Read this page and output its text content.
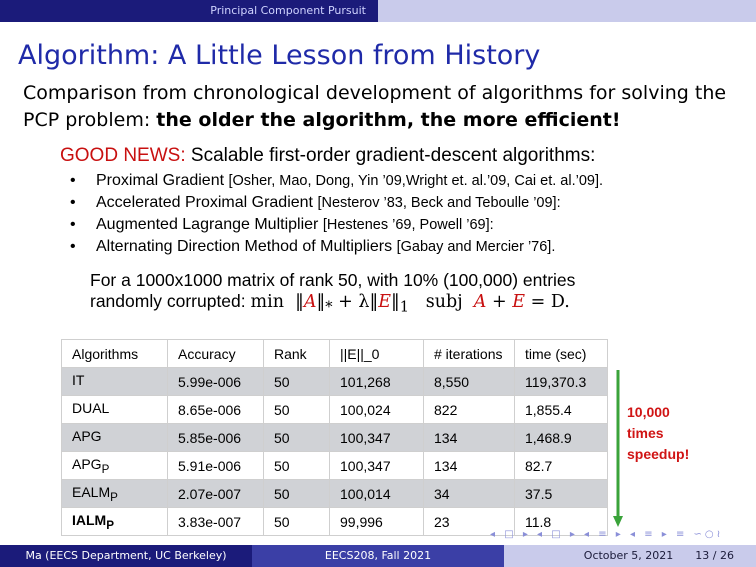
Principal Component Pursuit
Algorithm: A Little Lesson from History
Comparison from chronological development of algorithms for solving the PCP problem: the older the algorithm, the more efficient!
GOOD NEWS: Scalable first-order gradient-descent algorithms:
• Proximal Gradient [Osher, Mao, Dong, Yin ’09,Wright et. al.’09, Cai et. al.’09].
• Accelerated Proximal Gradient [Nesterov ’83, Beck and Teboulle ’09]:
• Augmented Lagrange Multiplier [Hestenes ’69, Powell ’69]:
• Alternating Direction Method of Multipliers [Gabay and Mercier ’76].
For a 1000x1000 matrix of rank 50, with 10% (100,000) entries
randomly corrupted: $\min ‖A‖_*$ + $\lambda‖E‖_1$ subj A + E = D.
Algorithms	Accuracy	Rank	||E||_0	# iterations	time (sec)
IT	5.99e-006	50	101,268	8,550	119,370.3
DUAL	8.65e-006	50	100,024	822	1,855.4
APG	5.85e-006	50	100,347	134	1,468.9
$APG_P$	5.91e-006	50	100,347	134	82.7
$EALM_P$	2.07e-007	50	100,014	34	37.5
$IALM_P$	3.83e-007	50	99,996	23	11.8
10,000
times
speedup!
◂ □ ▸ ◂ □ ▸ ◂ ≡ ▸ ◂ ≡ ▸ ≡ ∽○≀
Ma (EECS Department, UC Berkeley)	EECS208, Fall 2021	October 5, 2021 13 / 26
